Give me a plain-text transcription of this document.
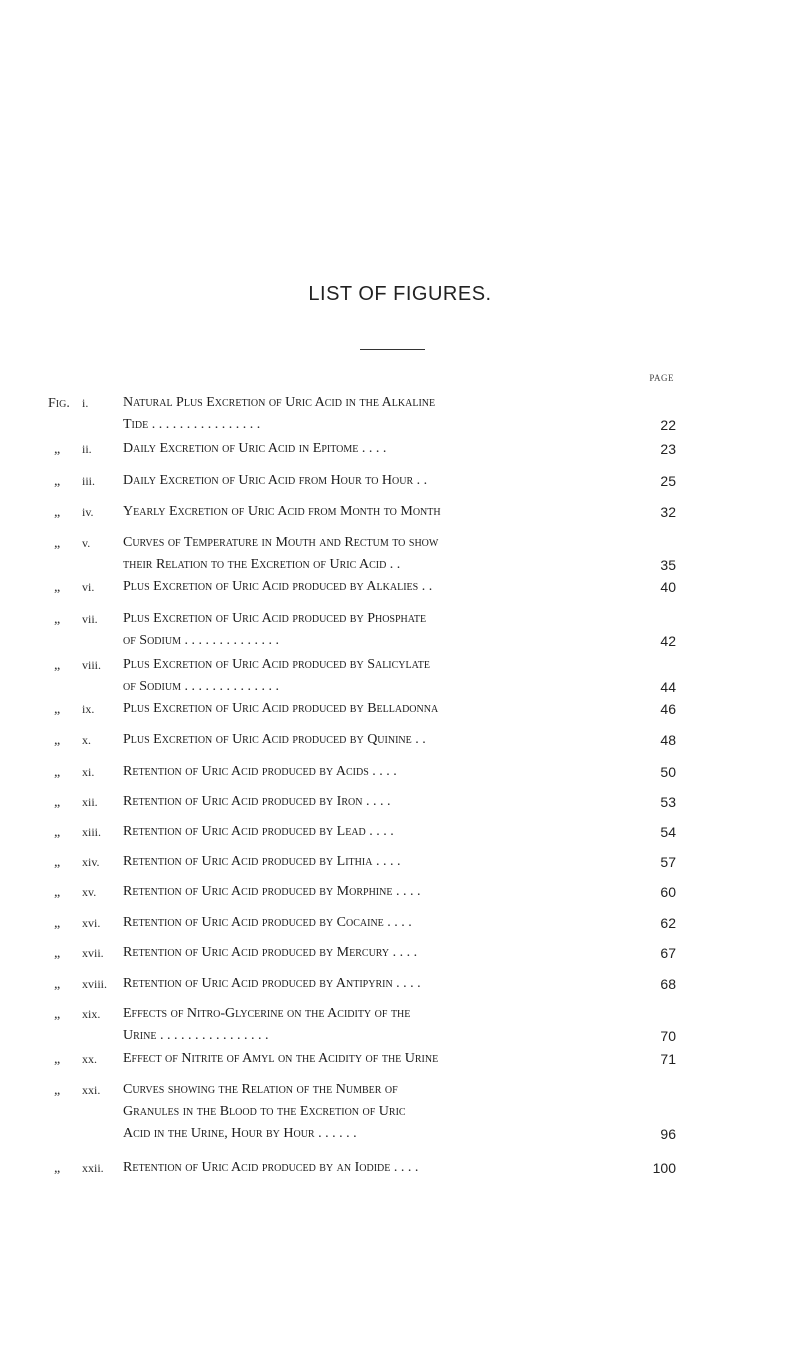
LIST OF FIGURES.
PAGE
Fig. i. Natural Plus Excretion of Uric Acid in the Alkaline
Tide . . . . . . . . . . . . . . . .	22
„ ii. Daily Excretion of Uric Acid in Epitome . . . .	23
„ iii. Daily Excretion of Uric Acid from Hour to Hour . .	25
„ iv. Yearly Excretion of Uric Acid from Month to Month	32
„ v. Curves of Temperature in Mouth and Rectum to show
their Relation to the Excretion of Uric Acid . .	35
„ vi. Plus Excretion of Uric Acid produced by Alkalies . .	40
„ vii. Plus Excretion of Uric Acid produced by Phosphate
of Sodium . . . . . . . . . . . . . .	42
„ viii. Plus Excretion of Uric Acid produced by Salicylate
of Sodium . . . . . . . . . . . . . .	44
„ ix. Plus Excretion of Uric Acid produced by Belladonna	46
„ x. Plus Excretion of Uric Acid produced by Quinine . .	48
„ xi. Retention of Uric Acid produced by Acids . . . .	50
„ xii. Retention of Uric Acid produced by Iron . . . .	53
„ xiii. Retention of Uric Acid produced by Lead . . . .	54
„ xiv. Retention of Uric Acid produced by Lithia . . . .	57
„ xv. Retention of Uric Acid produced by Morphine . . . .	60
„ xvi. Retention of Uric Acid produced by Cocaine . . . .	62
„ xvii. Retention of Uric Acid produced by Mercury . . . .	67
„ xviii. Retention of Uric Acid produced by Antipyrin . . . .	68
„ xix. Effects of Nitro-Glycerine on the Acidity of the
Urine . . . . . . . . . . . . . . . .	70
„ xx. Effect of Nitrite of Amyl on the Acidity of the Urine	71
„ xxi. Curves showing the Relation of the Number of
Granules in the Blood to the Excretion of Uric
Acid in the Urine, Hour by Hour . . . . . .	96
„ xxii. Retention of Uric Acid produced by an Iodide . . . .	100
